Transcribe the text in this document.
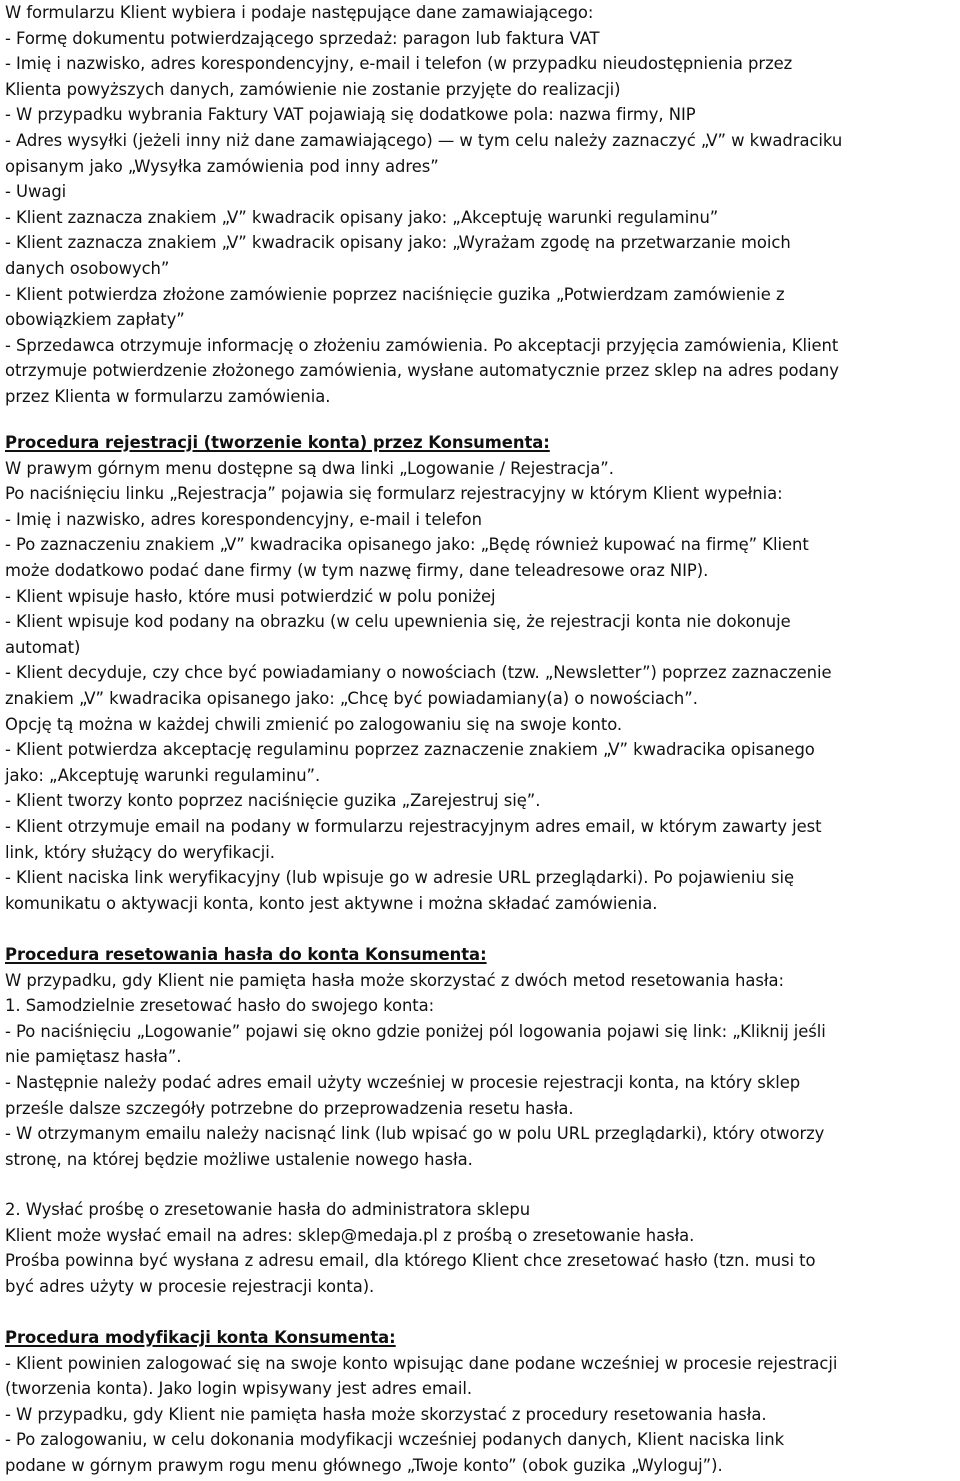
W formularzu Klient wybiera i podaje następujące dane zamawiającego:
- Formę dokumentu potwierdzającego sprzedaż: paragon lub faktura VAT
- Imię i nazwisko, adres korespondencyjny, e-mail i telefon (w przypadku nieudostępnienia przez
Klienta powyższych danych, zamówienie nie zostanie przyjęte do realizacji)
- W przypadku wybrania Faktury VAT pojawiają się dodatkowe pola: nazwa firmy, NIP
- Adres wysyłki (jeżeli inny niż dane zamawiającego) — w tym celu należy zaznaczyć „V” w kwadraciku
opisanym jako „Wysyłka zamówienia pod inny adres”
- Uwagi
- Klient zaznacza znakiem „V” kwadracik opisany jako: „Akceptuję warunki regulaminu”
- Klient zaznacza znakiem „V” kwadracik opisany jako: „Wyrażam zgodę na przetwarzanie moich
danych osobowych”
- Klient potwierdza złożone zamówienie poprzez naciśnięcie guzika „Potwierdzam zamówienie z
obowiązkiem zapłaty”
- Sprzedawca otrzymuje informację o złożeniu zamówienia. Po akceptacji przyjęcia zamówienia, Klient
otrzymuje potwierdzenie złożonego zamówienia, wysłane automatycznie przez sklep na adres podany
przez Klienta w formularzu zamówienia.
Procedura rejestracji (tworzenie konta) przez Konsumenta:
W prawym górnym menu dostępne są dwa linki „Logowanie / Rejestracja”.
Po naciśnięciu linku „Rejestracja” pojawia się formularz rejestracyjny w którym Klient wypełnia:
- Imię i nazwisko, adres korespondencyjny, e-mail i telefon
- Po zaznaczeniu znakiem „V” kwadracika opisanego jako: „Będę również kupować na firmę” Klient
może dodatkowo podać dane firmy (w tym nazwę firmy, dane teleadresowe oraz NIP).
- Klient wpisuje hasło, które musi potwierdzić w polu poniżej
- Klient wpisuje kod podany na obrazku (w celu upewnienia się, że rejestracji konta nie dokonuje
automat)
- Klient decyduje, czy chce być powiadamiany o nowościach (tzw. „Newsletter”) poprzez zaznaczenie
znakiem „V” kwadracika opisanego jako: „Chcę być powiadamiany(a) o nowościach”.
Opcję tą można w każdej chwili zmienić po zalogowaniu się na swoje konto.
- Klient potwierdza akceptację regulaminu poprzez zaznaczenie znakiem „V” kwadracika opisanego
jako: „Akceptuję warunki regulaminu”.
- Klient tworzy konto poprzez naciśnięcie guzika „Zarejestruj się”.
- Klient otrzymuje email na podany w formularzu rejestracyjnym adres email, w którym zawarty jest
link, który służący do weryfikacji.
- Klient naciska link weryfikacyjny (lub wpisuje go w adresie URL przeglądarki). Po pojawieniu się
komunikatu o aktywacji konta, konto jest aktywne i można składać zamówienia.
Procedura resetowania hasła do konta Konsumenta:
W przypadku, gdy Klient nie pamięta hasła może skorzystać z dwóch metod resetowania hasła:
1. Samodzielnie zresetować hasło do swojego konta:
- Po naciśnięciu „Logowanie” pojawi się okno gdzie poniżej pól logowania pojawi się link: „Kliknij jeśli
nie pamiętasz hasła”.
- Następnie należy podać adres email użyty wcześniej w procesie rejestracji konta, na który sklep
prześle dalsze szczegóły potrzebne do przeprowadzenia resetu hasła.
- W otrzymanym emailu należy nacisnąć link (lub wpisać go w polu URL przeglądarki), który otworzy
stronę, na której będzie możliwe ustalenie nowego hasła.
2. Wysłać prośbę o zresetowanie hasła do administratora sklepu
Klient może wysłać email na adres: sklep@medaja.pl z prośbą o zresetowanie hasła.
Prośba powinna być wysłana z adresu email, dla którego Klient chce zresetować hasło (tzn. musi to
być adres użyty w procesie rejestracji konta).
Procedura modyfikacji konta Konsumenta:
- Klient powinien zalogować się na swoje konto wpisując dane podane wcześniej w procesie rejestracji
(tworzenia konta). Jako login wpisywany jest adres email.
- W przypadku, gdy Klient nie pamięta hasła może skorzystać z procedury resetowania hasła.
- Po zalogowaniu, w celu dokonania modyfikacji wcześniej podanych danych, Klient naciska link
podane w górnym prawym rogu menu głównego „Twoje konto” (obok guzika „Wyloguj”).
